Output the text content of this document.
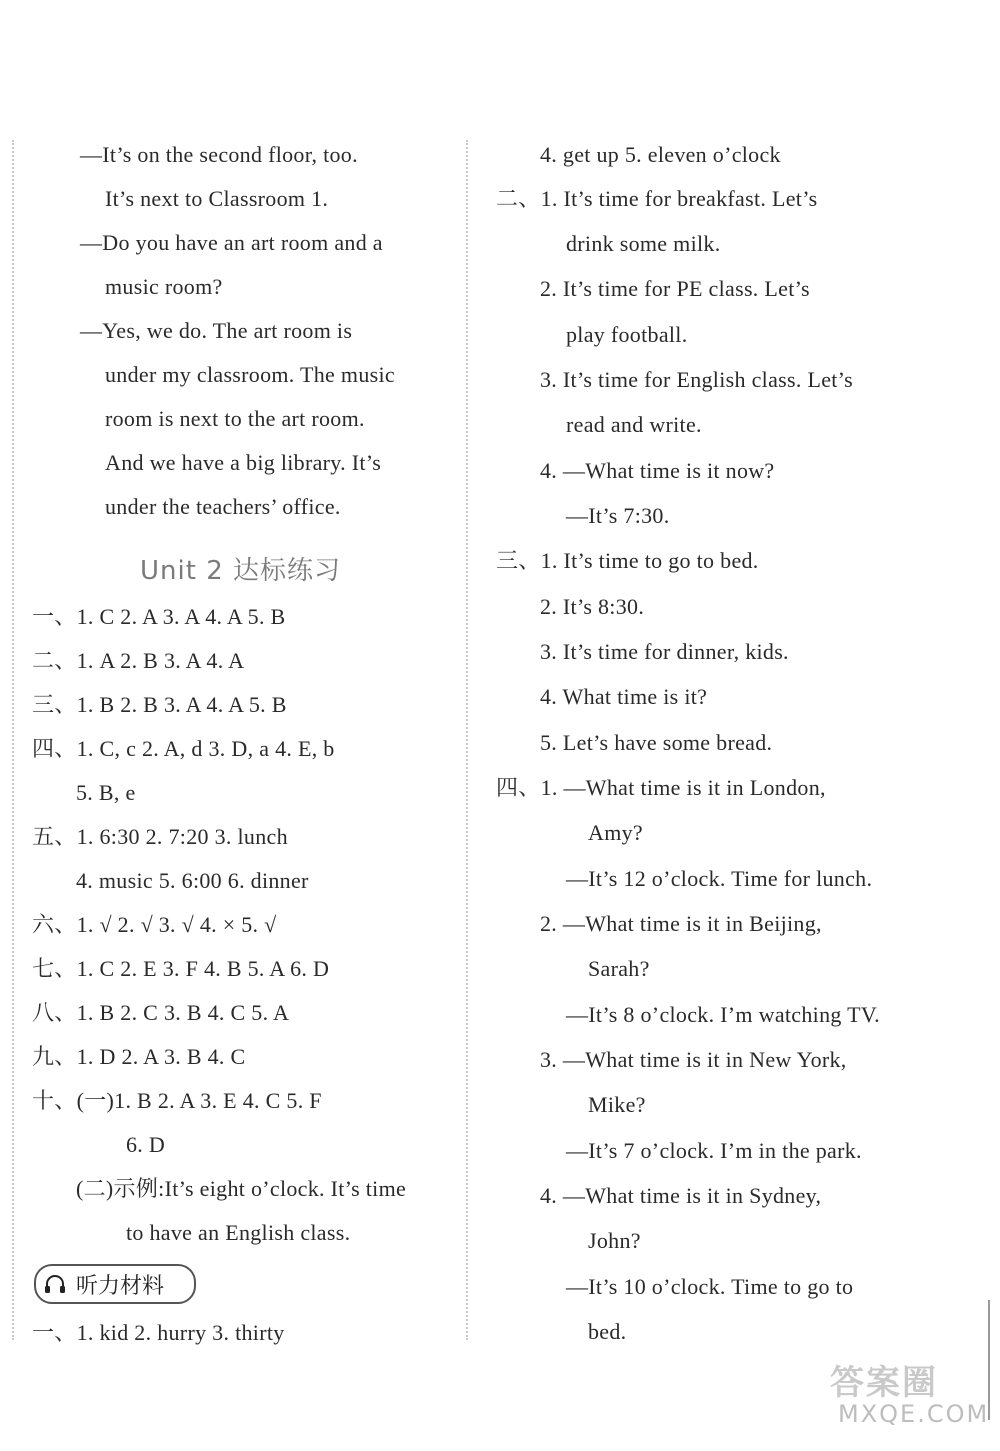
—It’s on the second floor, too.
It’s next to Classroom 1.
—Do you have an art room and a
music room?
—Yes, we do. The art room is
under my classroom. The music
room is next to the art room.
And we have a big library. It’s
under the teachers’ office.
Unit 2 达标练习
一、1. C 2. A 3. A 4. A 5. B
二、1. A 2. B 3. A 4. A
三、1. B 2. B 3. A 4. A 5. B
四、1. C, c 2. A, d 3. D, a 4. E, b
5. B, e
五、1. 6:30 2. 7:20 3. lunch
4. music 5. 6:00 6. dinner
六、1. √ 2. √ 3. √ 4. × 5. √
七、1. C 2. E 3. F 4. B 5. A 6. D
八、1. B 2. C 3. B 4. C 5. A
九、1. D 2. A 3. B 4. C
十、(一)1. B 2. A 3. E 4. C 5. F
6. D
(二)示例:It’s eight o’clock. It’s time
to have an English class.
听力材料
一、1. kid 2. hurry 3. thirty
4. get up 5. eleven o’clock
二、1. It’s time for breakfast. Let’s
drink some milk.
2. It’s time for PE class. Let’s
play football.
3. It’s time for English class. Let’s
read and write.
4. —What time is it now?
—It’s 7:30.
三、1. It’s time to go to bed.
2. It’s 8:30.
3. It’s time for dinner, kids.
4. What time is it?
5. Let’s have some bread.
四、1. —What time is it in London,
Amy?
—It’s 12 o’clock. Time for lunch.
2. —What time is it in Beijing,
Sarah?
—It’s 8 o’clock. I’m watching TV.
3. —What time is it in New York,
Mike?
—It’s 7 o’clock. I’m in the park.
4. —What time is it in Sydney,
John?
—It’s 10 o’clock. Time to go to
bed.
答案圈
MXQE.COM
